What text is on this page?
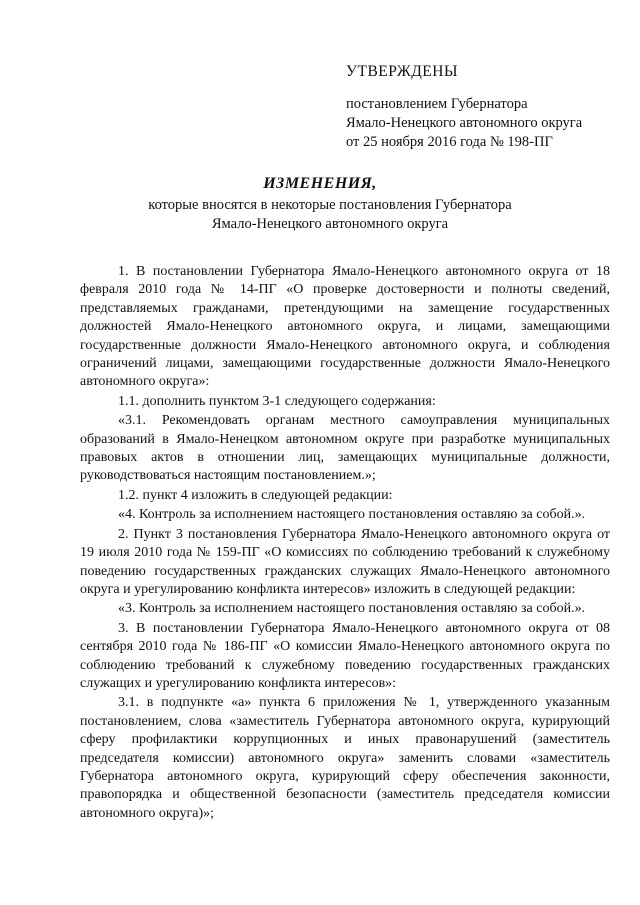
УТВЕРЖДЕНЫ
постановлением Губернатора
Ямало-Ненецкого автономного округа
от 25 ноября 2016 года № 198-ПГ
ИЗМЕНЕНИЯ,
которые вносятся в некоторые постановления Губернатора
Ямало-Ненецкого автономного округа

1. В постановлении Губернатора Ямало-Ненецкого автономного округа от 18 февраля 2010 года № 14-ПГ «О проверке достоверности и полноты сведений, представляемых гражданами, претендующими на замещение государственных должностей Ямало-Ненецкого автономного округа, и лицами, замещающими государственные должности Ямало-Ненецкого автономного округа, и соблюдения ограничений лицами, замещающими государственные должности Ямало-Ненецкого автономного округа»:

1.1. дополнить пунктом 3-1 следующего содержания:

«3.1. Рекомендовать органам местного самоуправления муниципальных образований в Ямало-Ненецком автономном округе при разработке муниципальных правовых актов в отношении лиц, замещающих муниципальные должности, руководствоваться настоящим постановлением.»;

1.2. пункт 4 изложить в следующей редакции:

«4. Контроль за исполнением настоящего постановления оставляю за собой.».

2. Пункт 3 постановления Губернатора Ямало-Ненецкого автономного округа от 19 июля 2010 года № 159-ПГ «О комиссиях по соблюдению требований к служебному поведению государственных гражданских служащих Ямало-Ненецкого автономного округа и урегулированию конфликта интересов» изложить в следующей редакции:

«3. Контроль за исполнением настоящего постановления оставляю за собой.».

3. В постановлении Губернатора Ямало-Ненецкого автономного округа от 08 сентября 2010 года № 186-ПГ «О комиссии Ямало-Ненецкого автономного округа по соблюдению требований к служебному поведению государственных гражданских служащих и урегулированию конфликта интересов»:

3.1. в подпункте «а» пункта 6 приложения № 1, утвержденного указанным постановлением, слова «заместитель Губернатора автономного округа, курирующий сферу профилактики коррупционных и иных правонарушений (заместитель председателя комиссии) автономного округа» заменить словами «заместитель Губернатора автономного округа, курирующий сферу обеспечения законности, правопорядка и общественной безопасности (заместитель председателя комиссии автономного округа)»;
